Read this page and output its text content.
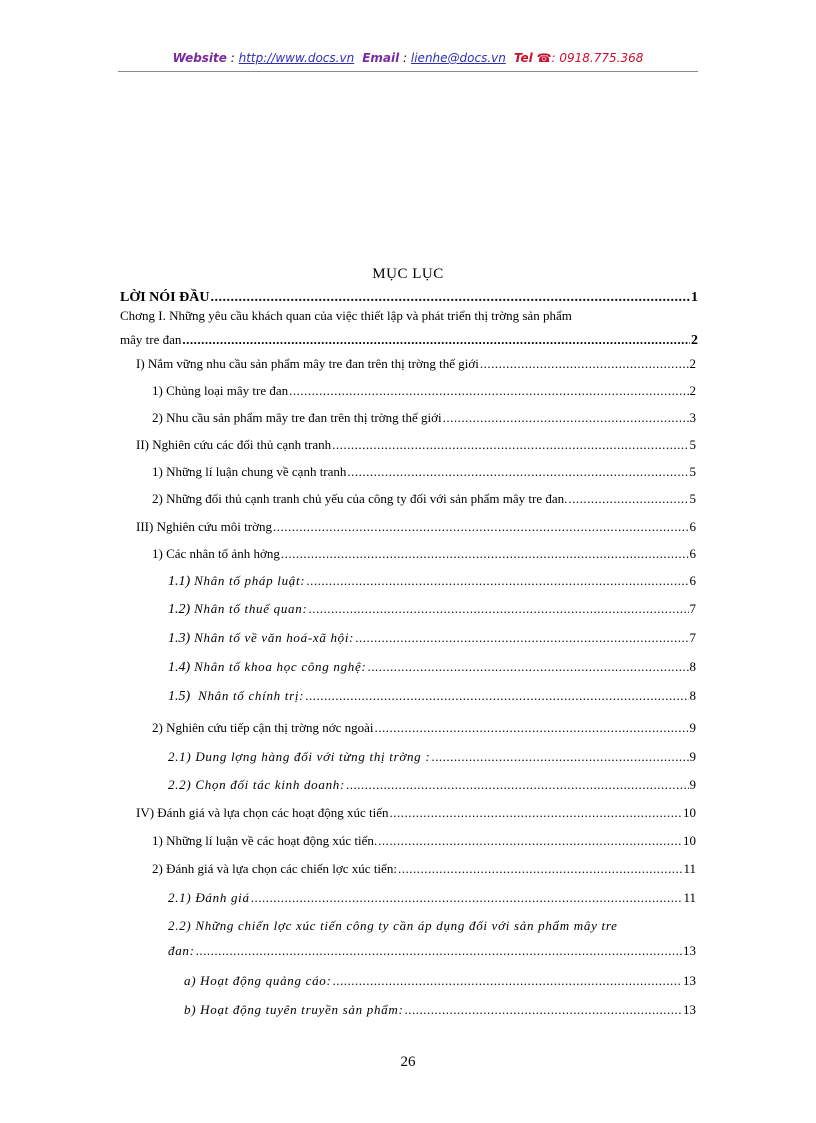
Website : http://www.docs.vn Email : lienhe@docs.vn Tel ☎: 0918.775.368
MỤC LỤC
LỜI NÓI ĐẦU .....	1
Chơng I. Những yêu cầu khách quan của việc thiết lập và phát triển thị trờng sản phẩm
mây tre đan .....	2
I) Nắm vững nhu cầu sản phẩm mây tre đan trên thị trờng thế giới .....	2
1) Chủng loại mây tre đan .....	2
2) Nhu cầu sản phẩm mây tre đan trên thị trờng thế giới .....	3
II) Nghiên cứu các đối thủ cạnh tranh .....	5
1) Những lí luận chung về cạnh tranh .....	5
2) Những đối thủ cạnh tranh chủ yếu của công ty đối với sản phẩm mây tre đan. .....	5
III) Nghiên cứu môi trờng .....	6
1) Các nhân tố ảnh hởng .....	6
1.1) Nhân tố pháp luật: .....	6
1.2) Nhân tố thuế quan: .....	7
1.3) Nhân tố về văn hoá-xã hội: .....	7
1.4) Nhân tố khoa học công nghệ: .....	8
1.5) Nhân tố chính trị: .....	8
2) Nghiên cứu tiếp cận thị trờng nớc ngoài .....	9
2.1) Dung lợng hàng đối với từng thị trờng : .....	9
2.2) Chọn đối tác kinh doanh: .....	9
IV) Đánh giá và lựa chọn các hoạt động xúc tiến .....	10
1) Những lí luận về các hoạt động xúc tiến. .....	10
2) Đánh giá và lựa chọn các chiến lợc xúc tiến: .....	11
2.1) Đánh giá .....	11
2.2) Những chiến lợc xúc tiến công ty cần áp dụng đối với sản phẩm mây tre
đan: .....	13
a) Hoạt động quảng cáo: .....	13
b) Hoạt động tuyên truyền sản phẩm: .....	13
26
